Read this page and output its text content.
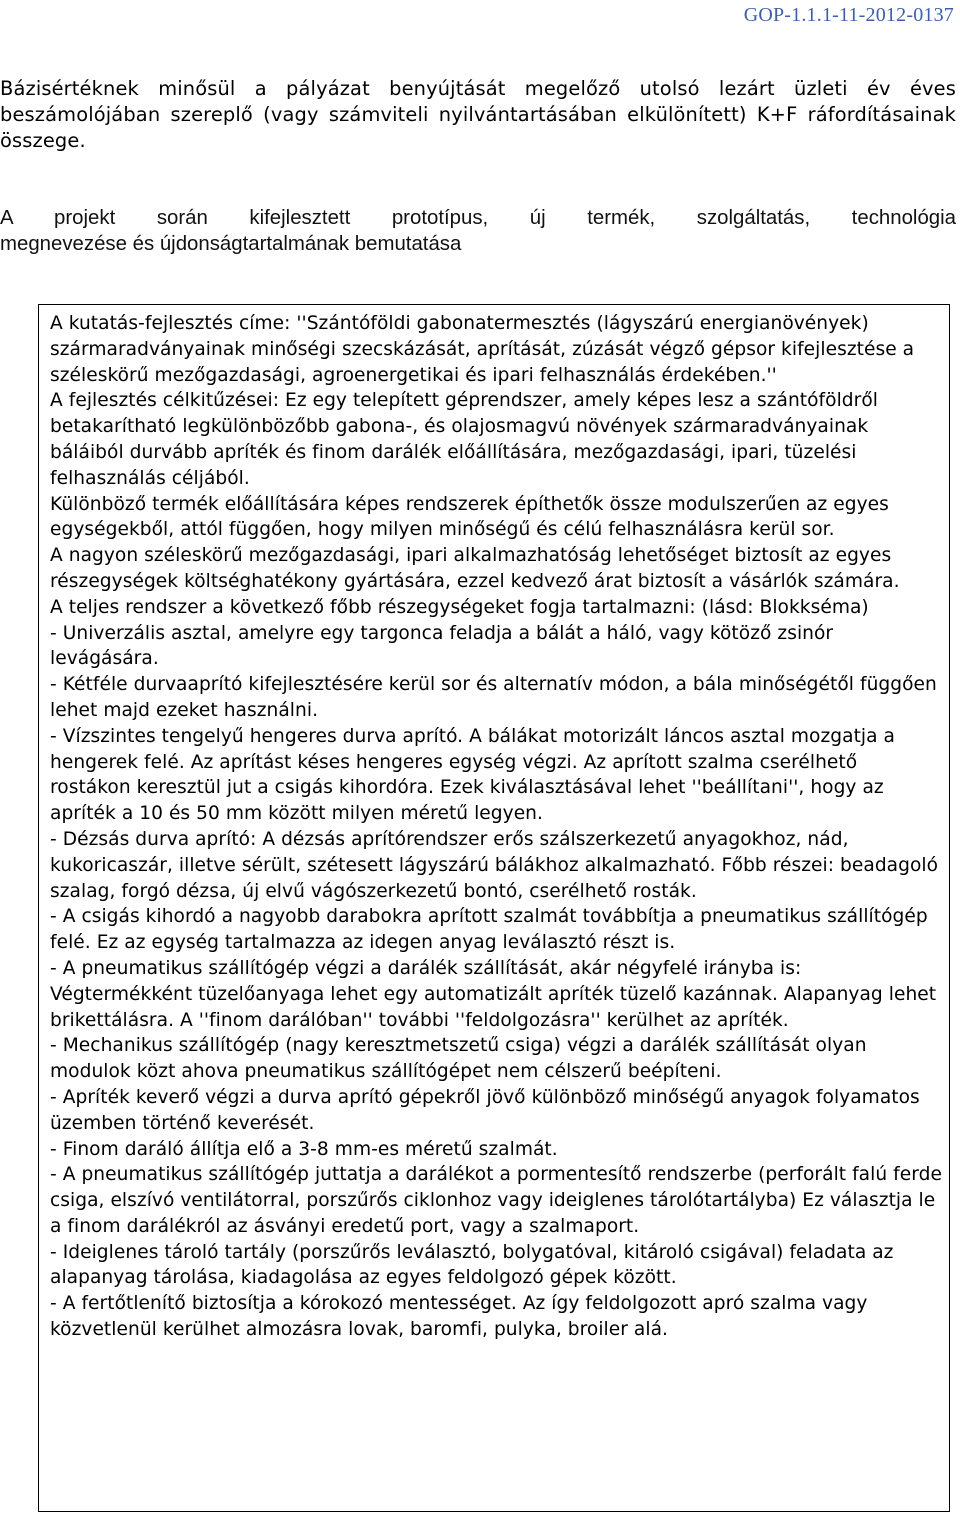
GOP-1.1.1-11-2012-0137

Bázisértéknek minősül a pályázat benyújtását megelőző utolsó lezárt üzleti év éves beszámolójában szereplő (vagy számviteli nyilvántartásában elkülönített) K+F ráfordításainak összege.

A projekt során kifejlesztett prototípus, új termék, szolgáltatás, technológia
megnevezése és újdonságtartalmának bemutatása

A kutatás-fejlesztés címe: ''Szántóföldi gabonatermesztés (lágyszárú energianövények) szármaradványainak minőségi szecskázását, aprítását, zúzását végző gépsor kifejlesztése a széleskörű mezőgazdasági, agroenergetikai és ipari felhasználás érdekében.''

A fejlesztés célkitűzései: Ez egy telepített géprendszer, amely képes lesz a szántóföldről betakarítható legkülönbözőbb gabona-, és olajosmagvú növények szármaradványainak báláiból durvább apríték és finom darálék előállítására, mezőgazdasági, ipari, tüzelési felhasználás céljából.

Különböző termék előállítására képes rendszerek építhetők össze modulszerűen az egyes egységekből, attól függően, hogy milyen minőségű és célú felhasználásra kerül sor.

A nagyon széleskörű mezőgazdasági, ipari alkalmazhatóság lehetőséget biztosít az egyes részegységek költséghatékony gyártására, ezzel kedvező árat biztosít a vásárlók számára.

A teljes rendszer a következő főbb részegységeket fogja tartalmazni: (lásd: Blokkséma)

- Univerzális asztal, amelyre egy targonca feladja a bálát a háló, vagy kötöző zsinór levágására.

- Kétféle durvaaprító kifejlesztésére kerül sor és alternatív módon, a bála minőségétől függően lehet majd ezeket használni.

- Vízszintes tengelyű hengeres durva aprító. A bálákat motorizált láncos asztal mozgatja a hengerek felé. Az aprítást késes hengeres egység végzi. Az aprított szalma cserélhető rostákon keresztül jut a csigás kihordóra. Ezek kiválasztásával lehet ''beállítani'', hogy az apríték a 10 és 50 mm között milyen méretű legyen.

- Dézsás durva aprító: A dézsás aprítórendszer erős szálszerkezetű anyagokhoz, nád, kukoricaszár, illetve sérült, szétesett lágyszárú bálákhoz alkalmazható. Főbb részei: beadagoló szalag, forgó dézsa, új elvű vágószerkezetű bontó, cserélhető rosták.

- A csigás kihordó a nagyobb darabokra aprított szalmát továbbítja a pneumatikus szállítógép felé. Ez az egység tartalmazza az idegen anyag leválasztó részt is.

- A pneumatikus szállítógép végzi a darálék szállítását, akár négyfelé irányba is: Végtermékként tüzelőanyaga lehet egy automatizált apríték tüzelő kazánnak. Alapanyag lehet brikettálásra. A ''finom darálóban'' további ''feldolgozásra'' kerülhet az apríték.

- Mechanikus szállítógép (nagy keresztmetszetű csiga) végzi a darálék szállítását olyan modulok közt ahova pneumatikus szállítógépet nem célszerű beépíteni.

- Apríték keverő végzi a durva aprító gépekről jövő különböző minőségű anyagok folyamatos üzemben történő keverését.

- Finom daráló állítja elő a 3-8 mm-es méretű szalmát.

- A pneumatikus szállítógép juttatja a darálékot a pormentesítő rendszerbe (perforált falú ferde csiga, elszívó ventilátorral, porszűrős ciklonhoz vagy ideiglenes tárolótartályba) Ez választja le a finom darálékról az ásványi eredetű port, vagy a szalmaport.

- Ideiglenes tároló tartály (porszűrős leválasztó, bolygatóval, kitároló csigával) feladata az alapanyag tárolása, kiadagolása az egyes feldolgozó gépek között.

- A fertőtlenítő biztosítja a kórokozó mentességet. Az így feldolgozott apró szalma vagy közvetlenül kerülhet almozásra lovak, baromfi, pulyka, broiler alá.
